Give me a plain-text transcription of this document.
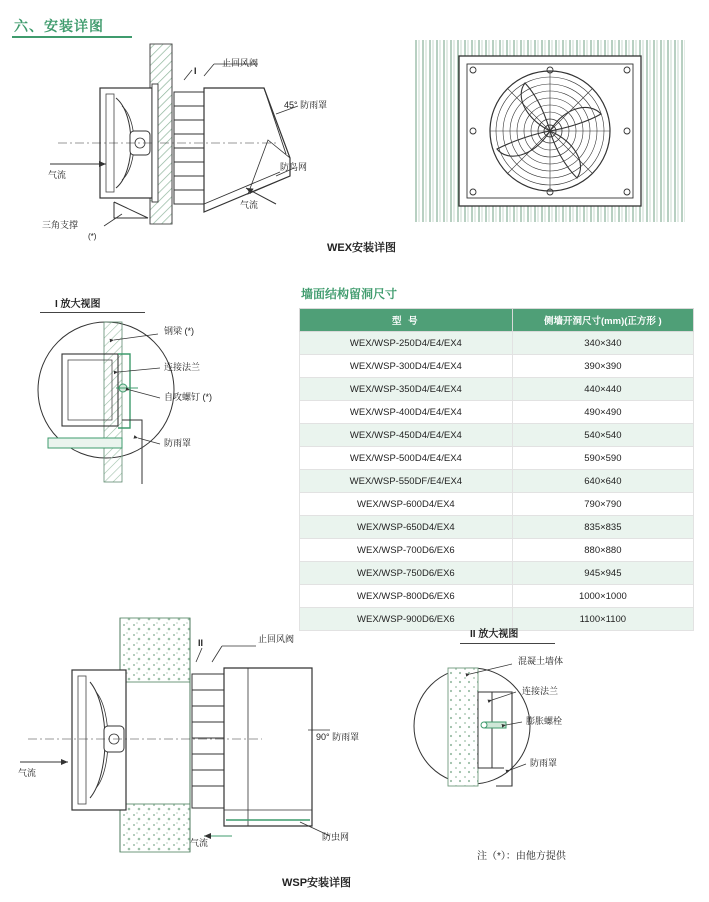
六、安装详图
止回风阀
I
45° 防雨罩
防鸟网
气流
气流
三角支撑
(*)
WEX安装详图
I 放大视图
钢梁 (*)
连接法兰
自攻螺钉 (*)
防雨罩
墙面结构留洞尺寸
型 号	侧墙开洞尺寸(mm)(正方形 )
WEX/WSP-250D4/E4/EX4	340×340
WEX/WSP-300D4/E4/EX4	390×390
WEX/WSP-350D4/E4/EX4	440×440
WEX/WSP-400D4/E4/EX4	490×490
WEX/WSP-450D4/E4/EX4	540×540
WEX/WSP-500D4/E4/EX4	590×590
WEX/WSP-550DF/E4/EX4	640×640
WEX/WSP-600D4/EX4	790×790
WEX/WSP-650D4/EX4	835×835
WEX/WSP-700D6/EX6	880×880
WEX/WSP-750D6/EX6	945×945
WEX/WSP-800D6/EX6	1000×1000
WEX/WSP-900D6/EX6	1100×1100
止回风阀
II
90° 防雨罩
防虫网
气流
气流
WSP安装详图
II 放大视图
混凝土墙体
连接法兰
膨胀螺栓
防雨罩
注（*）：由他方提供
